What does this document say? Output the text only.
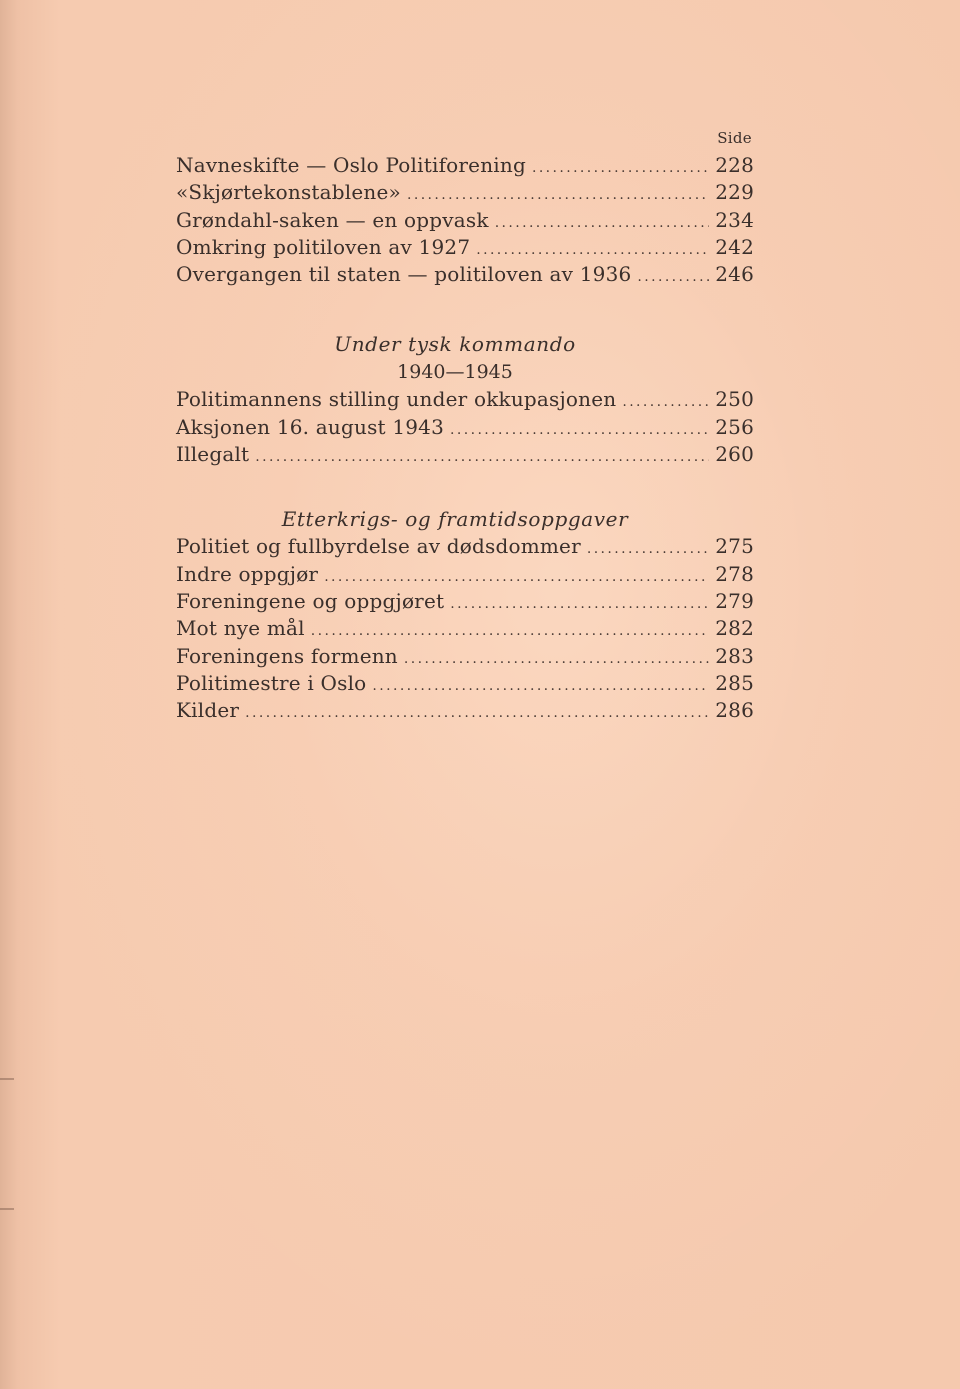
Side
Navneskifte — Oslo Politiforening .....	228
«Skjørtekonstablene» .....	229
Grøndahl-saken — en oppvask .....	234
Omkring politiloven av 1927 .....	242
Overgangen til staten — politiloven av 1936 .....	246
Under tysk kommando
1940—1945
Politimannens stilling under okkupasjonen .....	250
Aksjonen 16. august 1943 .....	256
Illegalt .....	260
Etterkrigs- og framtidsoppgaver
Politiet og fullbyrdelse av dødsdommer .....	275
Indre oppgjør .....	278
Foreningene og oppgjøret .....	279
Mot nye mål .....	282
Foreningens formenn .....	283
Politimestre i Oslo .....	285
Kilder .....	286
